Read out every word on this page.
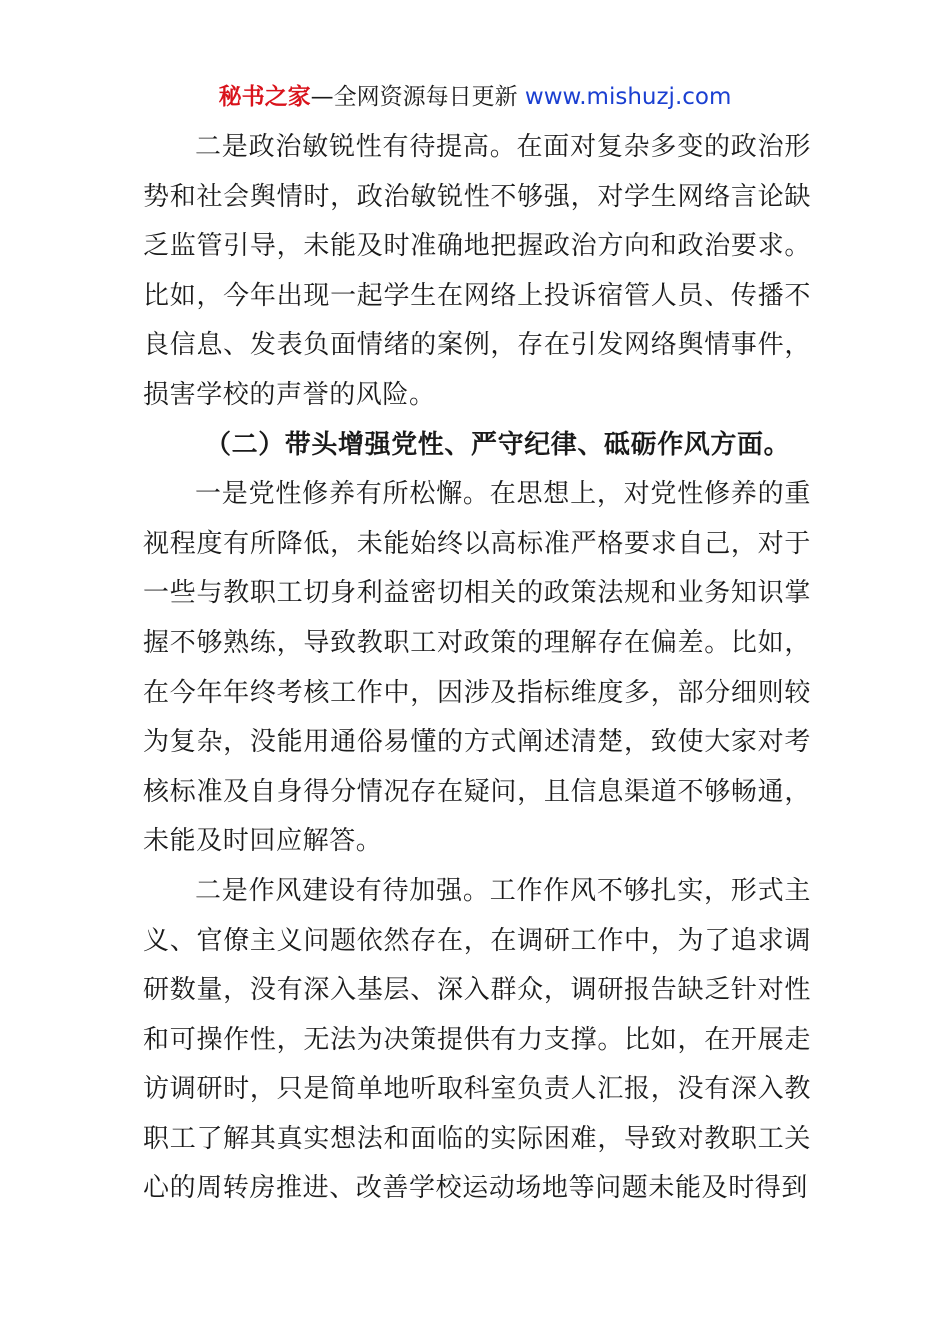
秘书之家—全网资源每日更新 www.mishuzj.com

二是政治敏锐性有待提高。在面对复杂多变的政治形势和社会舆情时，政治敏锐性不够强，对学生网络言论缺乏监管引导，未能及时准确地把握政治方向和政治要求。比如，今年出现一起学生在网络上投诉宿管人员、传播不良信息、发表负面情绪的案例，存在引发网络舆情事件，损害学校的声誉的风险。

（二）带头增强党性、严守纪律、砥砺作风方面。

一是党性修养有所松懈。在思想上，对党性修养的重视程度有所降低，未能始终以高标准严格要求自己，对于一些与教职工切身利益密切相关的政策法规和业务知识掌握不够熟练，导致教职工对政策的理解存在偏差。比如，在今年年终考核工作中，因涉及指标维度多，部分细则较为复杂，没能用通俗易懂的方式阐述清楚，致使大家对考核标准及自身得分情况存在疑问，且信息渠道不够畅通，未能及时回应解答。

二是作风建设有待加强。工作作风不够扎实，形式主义、官僚主义问题依然存在，在调研工作中，为了追求调研数量，没有深入基层、深入群众，调研报告缺乏针对性和可操作性，无法为决策提供有力支撑。比如，在开展走访调研时，只是简单地听取科室负责人汇报，没有深入教职工了解其真实想法和面临的实际困难，导致对教职工关心的周转房推进、改善学校运动场地等问题未能及时得到
